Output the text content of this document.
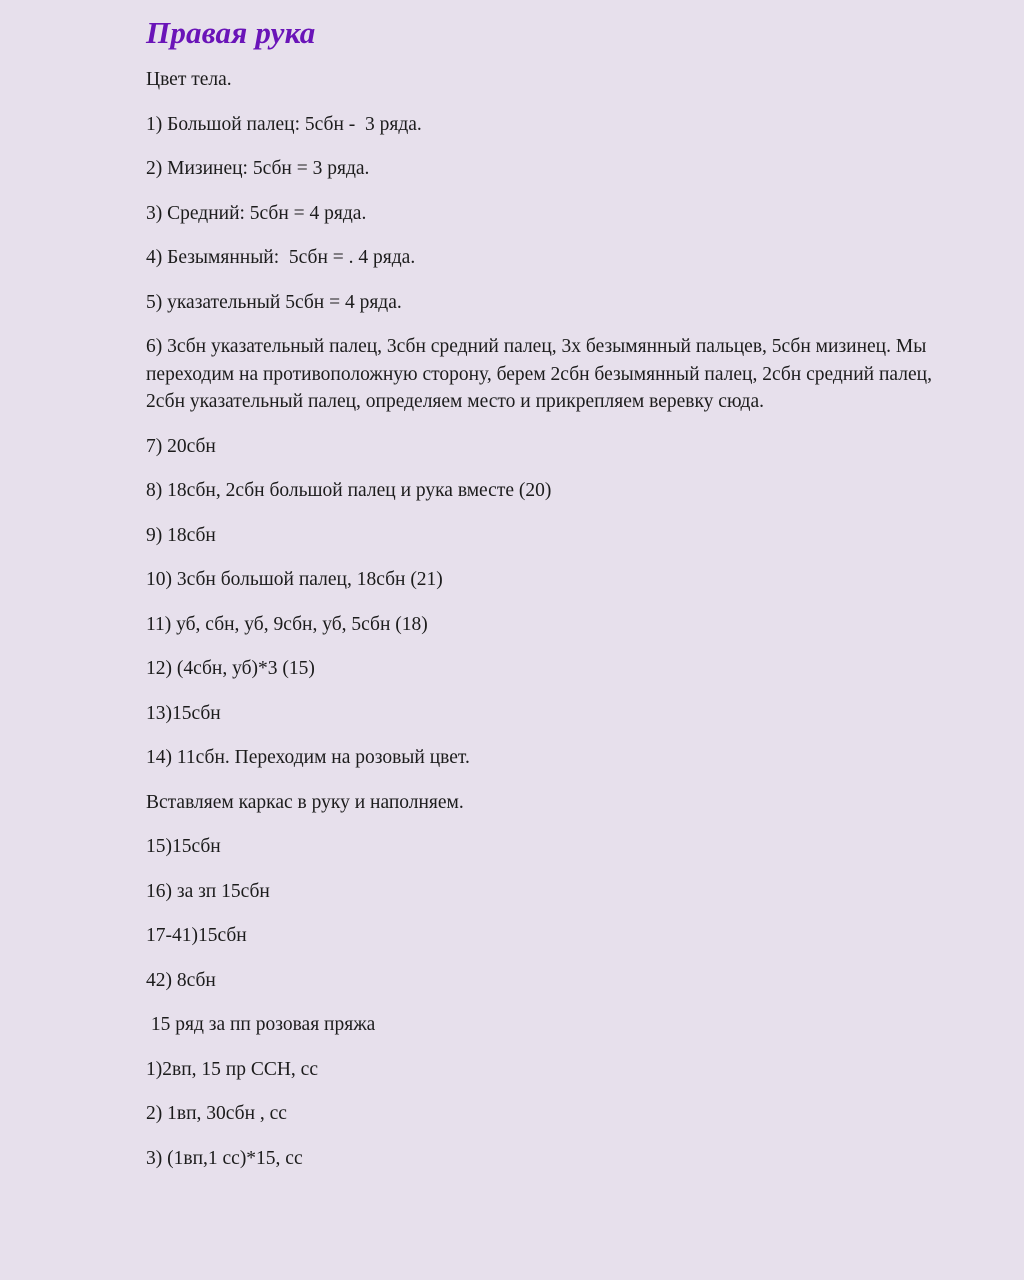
Правая рука

Цвет тела.

1) Большой палец: 5сбн -  3 ряда.

2) Мизинец: 5сбн = 3 ряда.

3) Средний: 5сбн = 4 ряда.

4) Безымянный:  5сбн = . 4 ряда.

5) указательный 5сбн = 4 ряда.

6) 3сбн указательный палец, 3сбн средний палец, 3х безымянный пальцев, 5сбн мизинец. Мы переходим на противоположную сторону, берем 2сбн безымянный палец, 2сбн средний палец, 2сбн указательный палец, определяем место и прикрепляем веревку сюда.

7) 20сбн

8) 18сбн, 2сбн большой палец и рука вместе (20)

9) 18сбн

10) 3сбн большой палец, 18сбн (21)

11) уб, сбн, уб, 9сбн, уб, 5сбн (18)

12) (4сбн, уб)*3 (15)

13)15сбн

14) 11сбн. Переходим на розовый цвет.

Вставляем каркас в руку и наполняем.

15)15сбн

16) за зп 15сбн

17-41)15сбн

42) 8сбн

15 ряд за пп розовая пряжа

1)2вп, 15 пр ССН, сс

2) 1вп, 30сбн , сс

3) (1вп,1 сс)*15, сс
